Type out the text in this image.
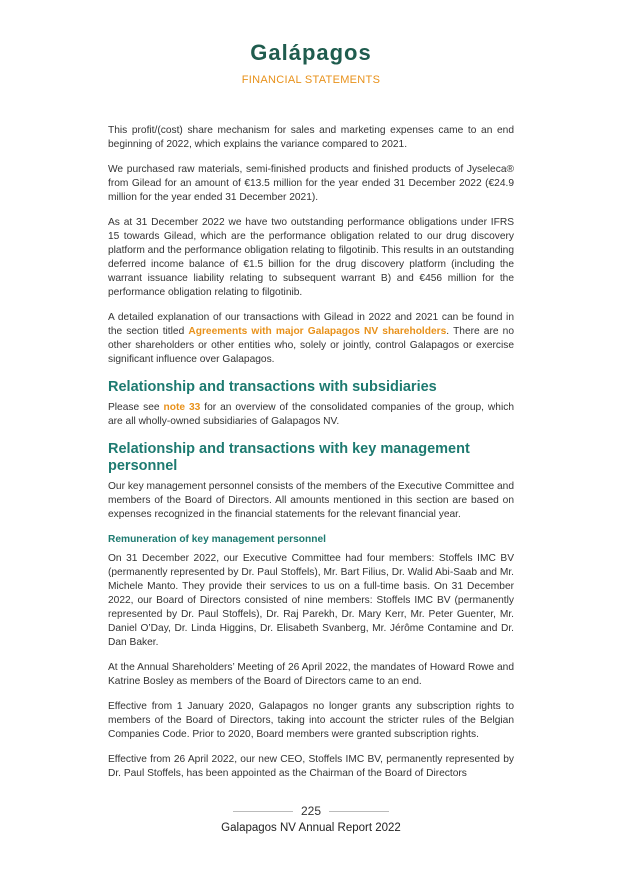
Galápagos
FINANCIAL STATEMENTS

This profit/(cost) share mechanism for sales and marketing expenses came to an end beginning of 2022, which explains the variance compared to 2021.

We purchased raw materials, semi-finished products and finished products of Jyseleca® from Gilead for an amount of €13.5 million for the year ended 31 December 2022 (€24.9 million for the year ended 31 December 2021).

As at 31 December 2022 we have two outstanding performance obligations under IFRS 15 towards Gilead, which are the performance obligation related to our drug discovery platform and the performance obligation relating to filgotinib. This results in an outstanding deferred income balance of €1.5 billion for the drug discovery platform (including the warrant issuance liability relating to subsequent warrant B) and €456 million for the performance obligation relating to filgotinib.

A detailed explanation of our transactions with Gilead in 2022 and 2021 can be found in the section titled Agreements with major Galapagos NV shareholders. There are no other shareholders or other entities who, solely or jointly, control Galapagos or exercise significant influence over Galapagos.

Relationship and transactions with subsidiaries

Please see note 33 for an overview of the consolidated companies of the group, which are all wholly-owned subsidiaries of Galapagos NV.

Relationship and transactions with key management personnel

Our key management personnel consists of the members of the Executive Committee and members of the Board of Directors. All amounts mentioned in this section are based on expenses recognized in the financial statements for the relevant financial year.

Remuneration of key management personnel

On 31 December 2022, our Executive Committee had four members: Stoffels IMC BV (permanently represented by Dr. Paul Stoffels), Mr. Bart Filius, Dr. Walid Abi-Saab and Mr. Michele Manto. They provide their services to us on a full-time basis. On 31 December 2022, our Board of Directors consisted of nine members: Stoffels IMC BV (permanently represented by Dr. Paul Stoffels), Dr. Raj Parekh, Dr. Mary Kerr, Mr. Peter Guenter, Mr. Daniel O’Day, Dr. Linda Higgins, Dr. Elisabeth Svanberg, Mr. Jérôme Contamine and Dr. Dan Baker.

At the Annual Shareholders’ Meeting of 26 April 2022, the mandates of Howard Rowe and Katrine Bosley as members of the Board of Directors came to an end.

Effective from 1 January 2020, Galapagos no longer grants any subscription rights to members of the Board of Directors, taking into account the stricter rules of the Belgian Companies Code. Prior to 2020, Board members were granted subscription rights.

Effective from 26 April 2022, our new CEO, Stoffels IMC BV, permanently represented by Dr. Paul Stoffels, has been appointed as the Chairman of the Board of Directors

225
Galapagos NV Annual Report 2022
